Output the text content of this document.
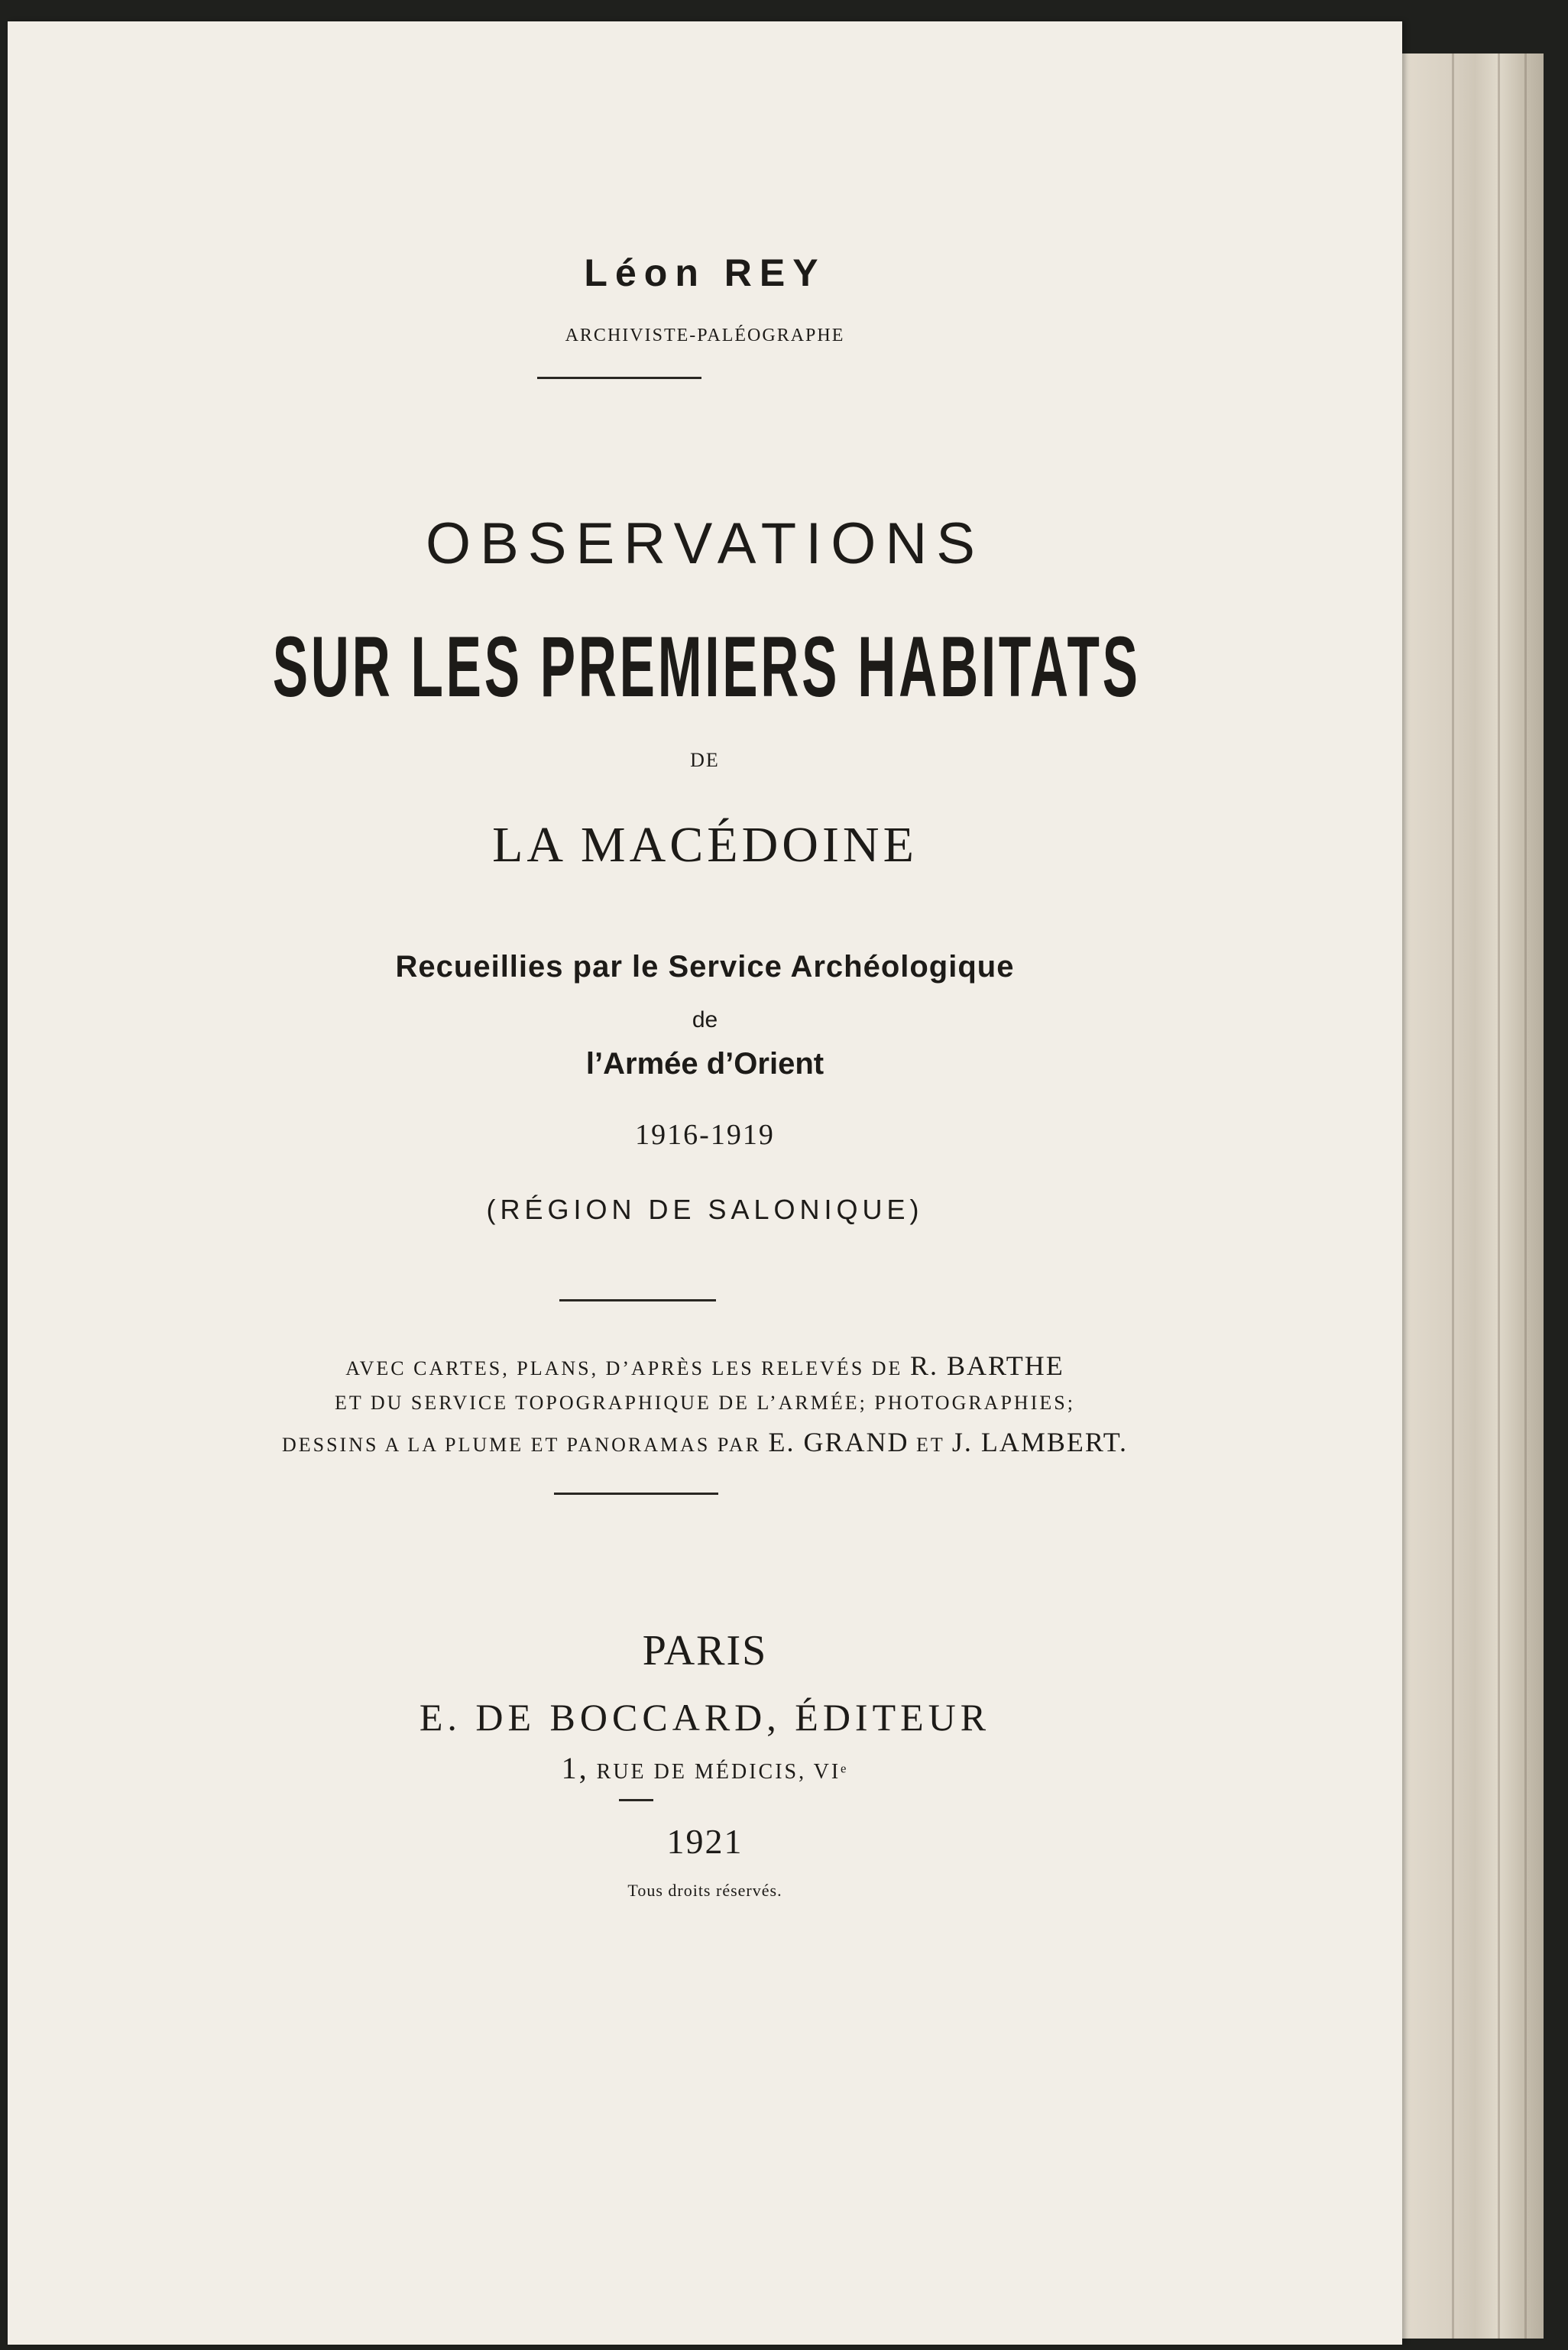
Léon REY
ARCHIVISTE-PALÉOGRAPHE
OBSERVATIONS
SUR LES PREMIERS HABITATS
DE
LA MACÉDOINE
Recueillies par le Service Archéologique
de
l’Armée d’Orient
1916-1919
(RÉGION DE SALONIQUE)
AVEC CARTES, PLANS, D’APRÈS LES RELEVÉS DE R. BARTHE
ET DU SERVICE TOPOGRAPHIQUE DE L’ARMÉE; PHOTOGRAPHIES;
DESSINS A LA PLUME ET PANORAMAS PAR E. GRAND ET J. LAMBERT.
PARIS
E. DE BOCCARD, ÉDITEUR
1, RUE DE MÉDICIS, VIᵉ
1921
Tous droits réservés.
